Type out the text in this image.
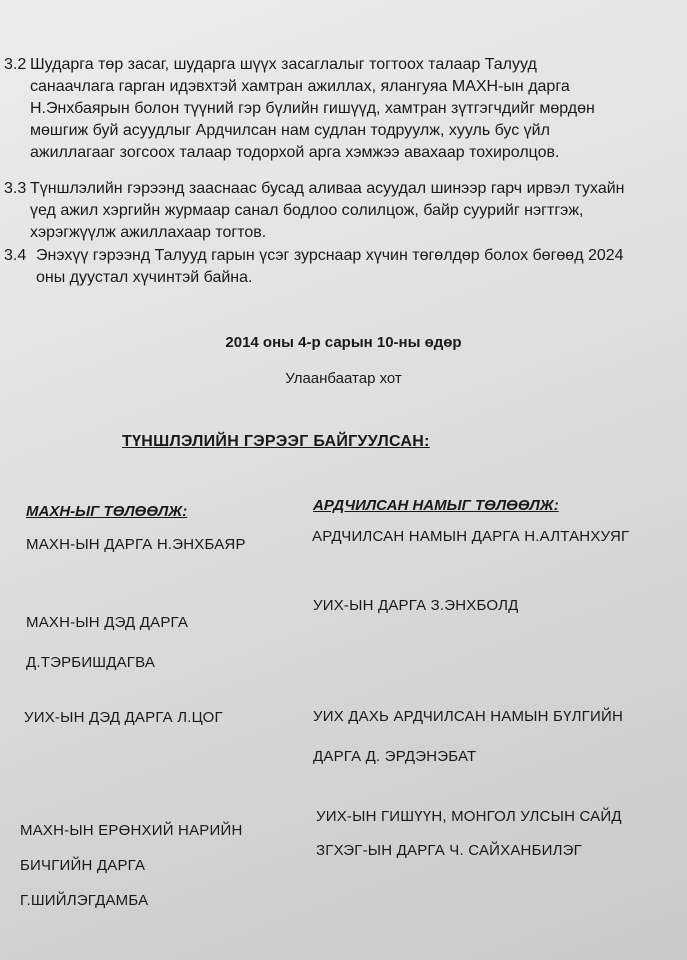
3.2 Шударга төр засаг, шударга шүүх засаглалыг тогтоох талаар Талууд
санаачлага гарган идэвхтэй хамтран ажиллах, ялангуяа МАХН-ын дарга
Н.Энхбаярын болон түүний гэр бүлийн гишүүд, хамтран зүтгэгчдийг мөрдөн
мөшгиж буй асуудлыг Ардчилсан нам судлан тодруулж, хууль бус үйл
ажиллагааг зогсоох талаар тодорхой арга хэмжээ авахаар тохиролцов.
3.3 Түншлэлийн гэрээнд зааснаас бусад аливаа асуудал шинээр гарч ирвэл тухайн
үед ажил хэргийн журмаар санал бодлоо солилцож, байр суурийг нэгтгэж,
хэрэгжүүлж ажиллахаар тогтов.
3.4 Энэхүү гэрээнд Талууд гарын үсэг зурснаар хүчин төгөлдөр болох бөгөөд 2024
оны дуустал хүчинтэй байна.
2014 оны 4-р сарын 10-ны өдөр
Улаанбаатар хот
ТҮНШЛЭЛИЙН ГЭРЭЭГ БАЙГУУЛСАН:
МАХН-ЫГ ТӨЛӨӨЛЖ:	АРДЧИЛСАН НАМЫГ ТӨЛӨӨЛЖ:
МАХН-ЫН ДАРГА Н.ЭНХБАЯР
МАХН-ЫН ДЭД ДАРГА
Д.ТЭРБИШДАГВА
УИХ-ЫН ДЭД ДАРГА Л.ЦОГ
МАХН-ЫН ЕРӨНХИЙ НАРИЙН
БИЧГИЙН ДАРГА
Г.ШИЙЛЭГДАМБА
АРДЧИЛСАН НАМЫН ДАРГА Н.АЛТАНХУЯГ
УИХ-ЫН ДАРГА З.ЭНХБОЛД
УИХ ДАХЬ АРДЧИЛСАН НАМЫН БҮЛГИЙН
ДАРГА Д. ЭРДЭНЭБАТ
УИХ-ЫН ГИШҮҮН, МОНГОЛ УЛСЫН САЙД
ЗГХЭГ-ЫН ДАРГА Ч. САЙХАНБИЛЭГ
